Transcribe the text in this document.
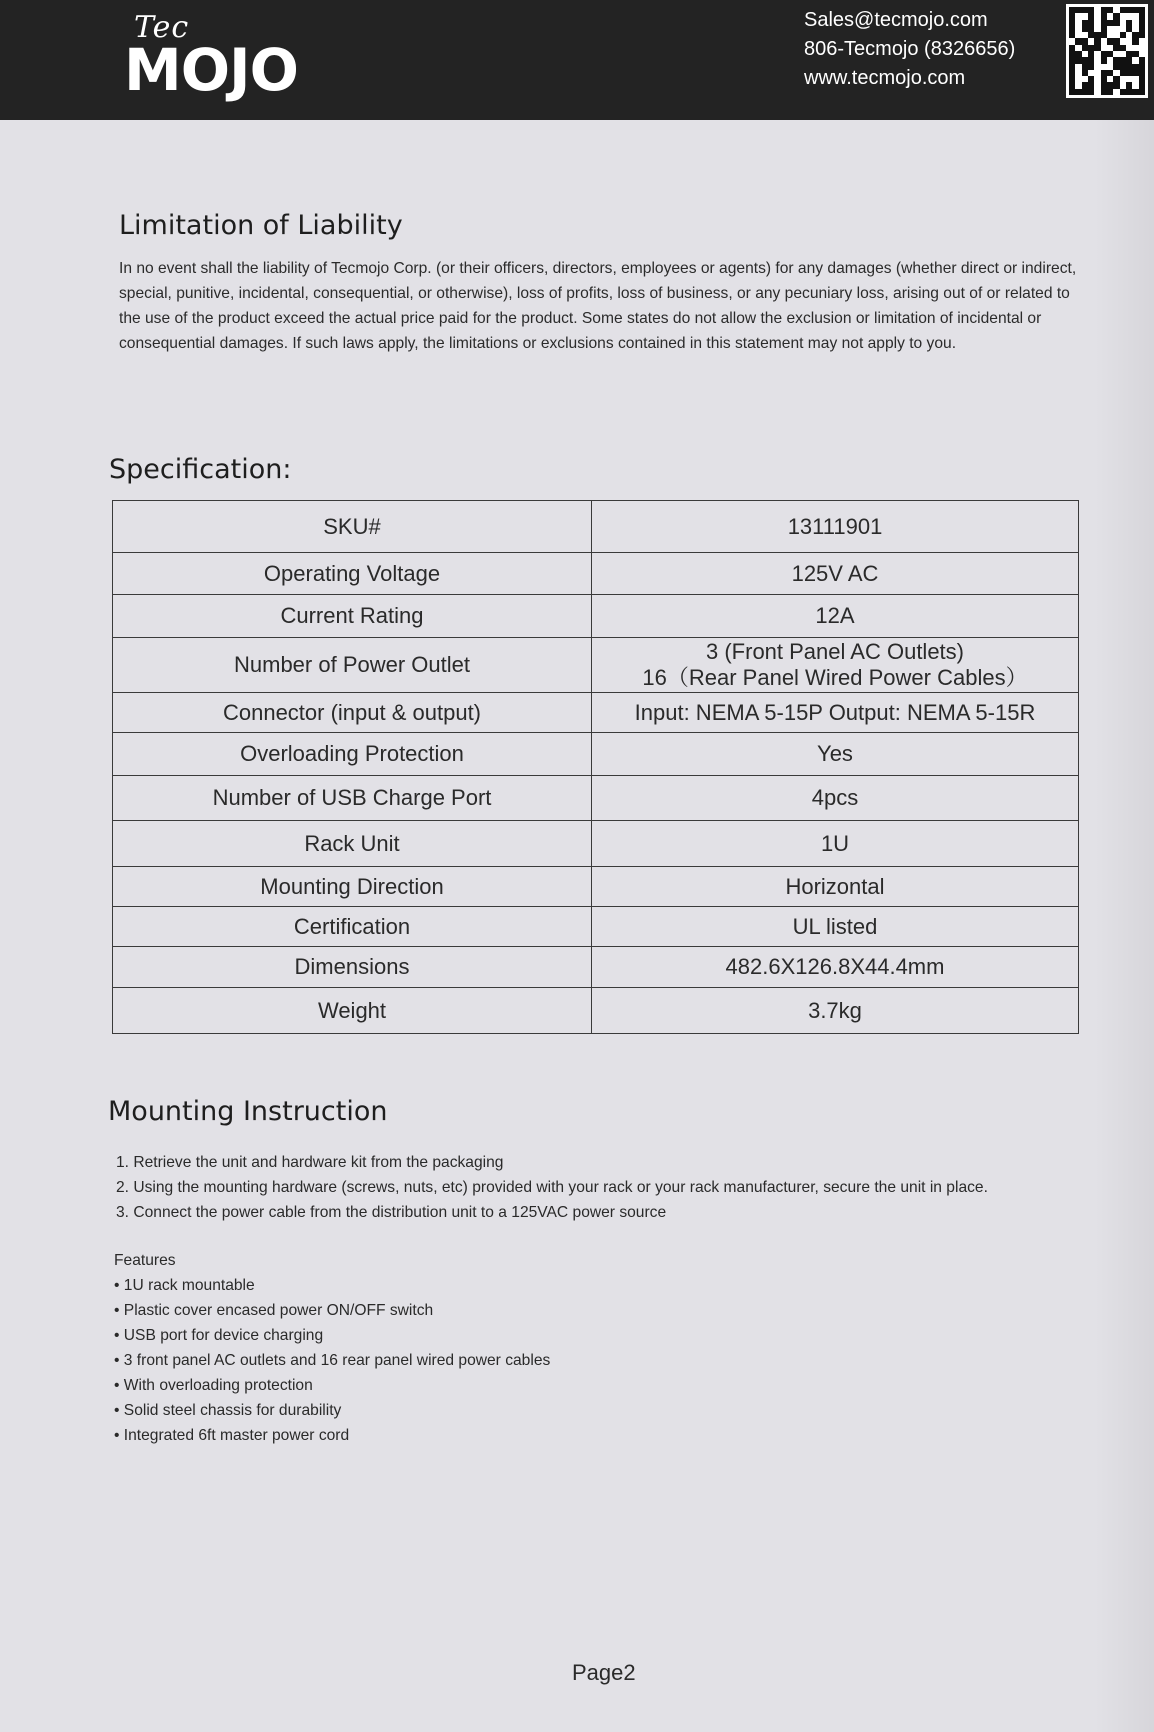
Tec
MOJO
Sales@tecmojo.com
806-Tecmojo (8326656)
www.tecmojo.com
Limitation of Liability

In no event shall the liability of Tecmojo Corp. (or their officers, directors, employees or agents) for any damages (whether direct or indirect, special, punitive, incidental, consequential, or otherwise), loss of profits, loss of business, or any pecuniary loss, arising out of or related to the use of the product exceed the actual price paid for the product. Some states do not allow the exclusion or limitation of incidental or consequential damages. If such laws apply, the limitations or exclusions contained in this statement may not apply to you.

Specification:
SKU#	13111901
Operating Voltage	125V AC
Current Rating	12A
Number of Power Outlet	3 (Front Panel AC Outlets)
16（Rear Panel Wired Power Cables）

Connector (input & output)	Input: NEMA 5-15P Output: NEMA 5-15R
Overloading Protection	Yes
Number of USB Charge Port	4pcs
Rack Unit	1U
Mounting Direction	Horizontal
Certification	UL listed
Dimensions	482.6X126.8X44.4mm
Weight	3.7kg
Mounting Instruction
1. Retrieve the unit and hardware kit from the packaging
2. Using the mounting hardware (screws, nuts, etc) provided with your rack or your rack manufacturer, secure the unit in place.
3. Connect the power cable from the distribution unit to a 125VAC power source
Features
• 1U rack mountable
• Plastic cover encased power ON/OFF switch
• USB port for device charging
• 3 front panel AC outlets and 16 rear panel wired power cables
• With overloading protection
• Solid steel chassis for durability
• Integrated 6ft master power cord
Page2
